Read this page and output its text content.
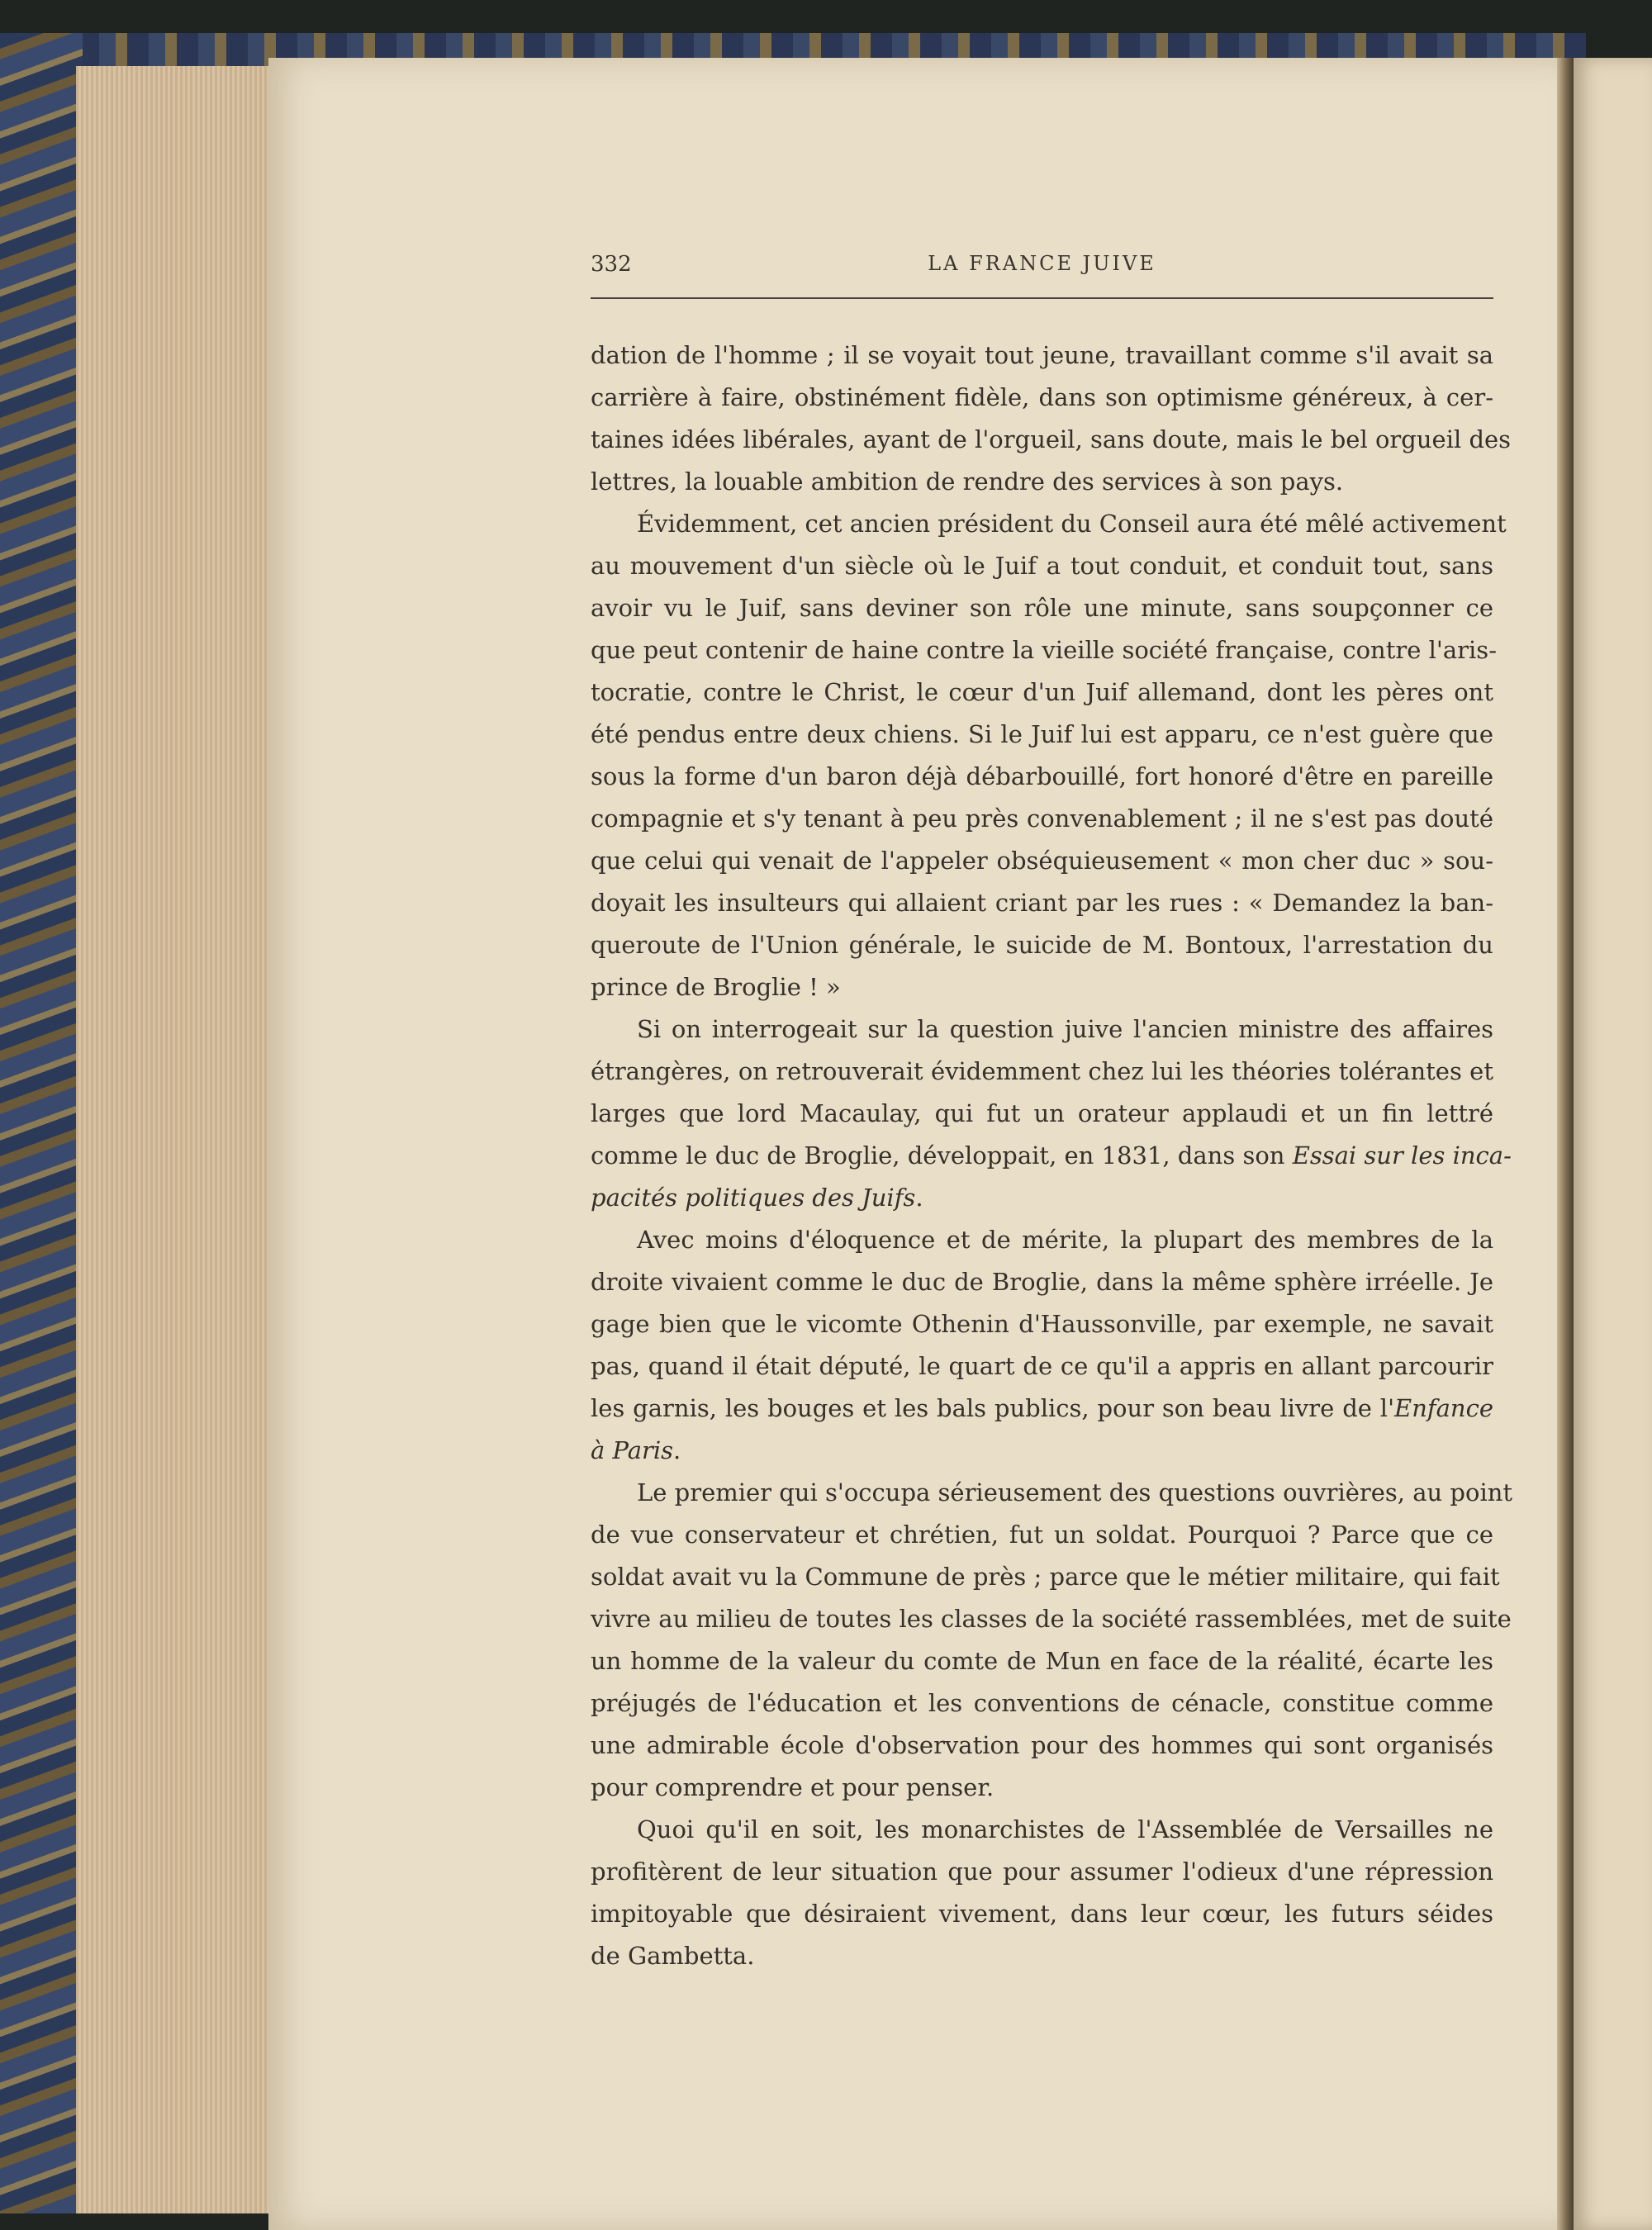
332	LA FRANCE JUIVE
dation de l'homme ; il se voyait tout jeune, travaillant comme s'il avait sa
carrière à faire, obstinément fidèle, dans son optimisme généreux, à cer-
taines idées libérales, ayant de l'orgueil, sans doute, mais le bel orgueil des
lettres, la louable ambition de rendre des services à son pays.
Évidemment, cet ancien président du Conseil aura été mêlé activement
au mouvement d'un siècle où le Juif a tout conduit, et conduit tout, sans
avoir vu le Juif, sans deviner son rôle une minute, sans soupçonner ce
que peut contenir de haine contre la vieille société française, contre l'aris-
tocratie, contre le Christ, le cœur d'un Juif allemand, dont les pères ont
été pendus entre deux chiens. Si le Juif lui est apparu, ce n'est guère que
sous la forme d'un baron déjà débarbouillé, fort honoré d'être en pareille
compagnie et s'y tenant à peu près convenablement ; il ne s'est pas douté
que celui qui venait de l'appeler obséquieusement « mon cher duc » sou-
doyait les insulteurs qui allaient criant par les rues : « Demandez la ban-
queroute de l'Union générale, le suicide de M. Bontoux, l'arrestation du
prince de Broglie ! »
Si on interrogeait sur la question juive l'ancien ministre des affaires
étrangères, on retrouverait évidemment chez lui les théories tolérantes et
larges que lord Macaulay, qui fut un orateur applaudi et un fin lettré
comme le duc de Broglie, développait, en 1831, dans son Essai sur les inca-
pacités politiques des Juifs.
Avec moins d'éloquence et de mérite, la plupart des membres de la
droite vivaient comme le duc de Broglie, dans la même sphère irréelle. Je
gage bien que le vicomte Othenin d'Haussonville, par exemple, ne savait
pas, quand il était député, le quart de ce qu'il a appris en allant parcourir
les garnis, les bouges et les bals publics, pour son beau livre de l'Enfance
à Paris.
Le premier qui s'occupa sérieusement des questions ouvrières, au point
de vue conservateur et chrétien, fut un soldat. Pourquoi ? Parce que ce
soldat avait vu la Commune de près ; parce que le métier militaire, qui fait
vivre au milieu de toutes les classes de la société rassemblées, met de suite
un homme de la valeur du comte de Mun en face de la réalité, écarte les
préjugés de l'éducation et les conventions de cénacle, constitue comme
une admirable école d'observation pour des hommes qui sont organisés
pour comprendre et pour penser.
Quoi qu'il en soit, les monarchistes de l'Assemblée de Versailles ne
profitèrent de leur situation que pour assumer l'odieux d'une répression
impitoyable que désiraient vivement, dans leur cœur, les futurs séides
de Gambetta.
